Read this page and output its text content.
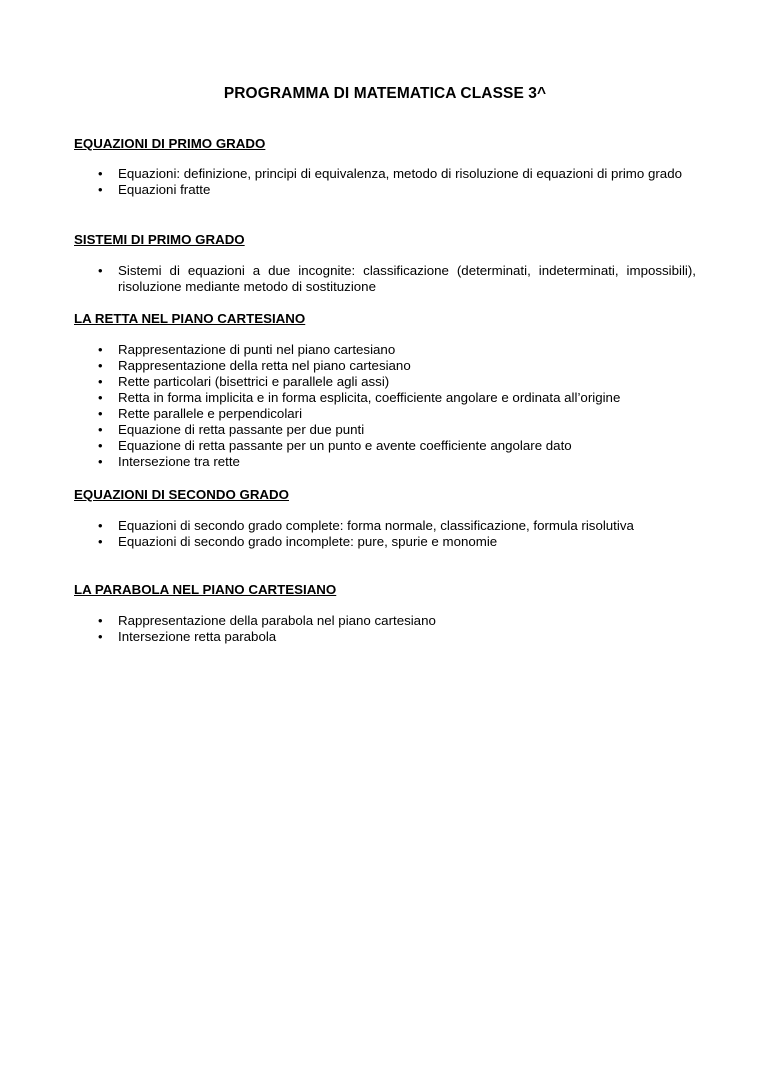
PROGRAMMA DI MATEMATICA CLASSE 3^
EQUAZIONI DI PRIMO GRADO
• Equazioni: definizione, principi di equivalenza, metodo di risoluzione di equazioni di primo grado
• Equazioni fratte
SISTEMI DI PRIMO GRADO
• Sistemi di equazioni a due incognite: classificazione (determinati, indeterminati, impossibili), risoluzione mediante metodo di sostituzione
LA RETTA NEL PIANO CARTESIANO
• Rappresentazione di punti nel piano cartesiano
• Rappresentazione della retta nel piano cartesiano
• Rette particolari (bisettrici e parallele agli assi)
• Retta in forma implicita e in forma esplicita, coefficiente angolare e ordinata all’origine
• Rette parallele e perpendicolari
• Equazione di retta passante per due punti
• Equazione di retta passante per un punto e avente coefficiente angolare dato
• Intersezione tra rette
EQUAZIONI DI SECONDO GRADO
• Equazioni di secondo grado complete: forma normale, classificazione, formula risolutiva
• Equazioni di secondo grado incomplete: pure, spurie e monomie
LA PARABOLA NEL PIANO CARTESIANO
• Rappresentazione della parabola nel piano cartesiano
• Intersezione retta parabola
